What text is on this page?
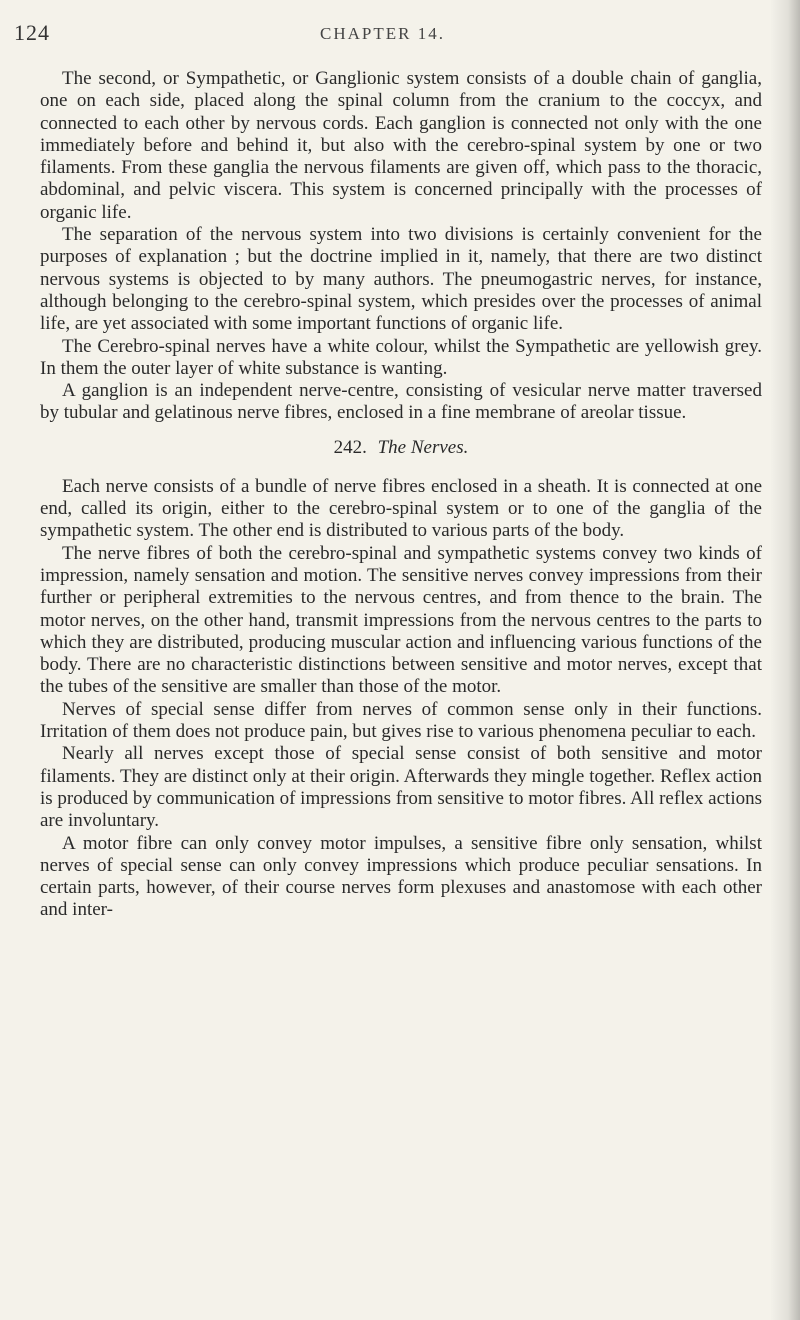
124	CHAPTER 14.

The second, or Sympathetic, or Ganglionic system consists of a double chain of ganglia, one on each side, placed along the spinal column from the cranium to the coccyx, and connected to each other by nervous cords. Each ganglion is connected not only with the one immediately before and behind it, but also with the cerebro-spinal system by one or two filaments. From these ganglia the nervous filaments are given off, which pass to the thoracic, abdominal, and pelvic viscera. This system is concerned principally with the processes of organic life.

The separation of the nervous system into two divisions is certainly convenient for the purposes of explanation ; but the doctrine implied in it, namely, that there are two distinct nervous systems is objected to by many authors. The pneumogastric nerves, for instance, although belonging to the cerebro-spinal system, which presides over the processes of animal life, are yet associated with some important functions of organic life.

The Cerebro-spinal nerves have a white colour, whilst the Sympathetic are yellowish grey. In them the outer layer of white substance is wanting.

A ganglion is an independent nerve-centre, consisting of vesicular nerve matter traversed by tubular and gelatinous nerve fibres, enclosed in a fine membrane of areolar tissue.

242. The Nerves.

Each nerve consists of a bundle of nerve fibres enclosed in a sheath. It is connected at one end, called its origin, either to the cerebro-spinal system or to one of the ganglia of the sympathetic system. The other end is distributed to various parts of the body.

The nerve fibres of both the cerebro-spinal and sympathetic systems convey two kinds of impression, namely sensation and motion. The sensitive nerves convey impressions from their further or peripheral extremities to the nervous centres, and from thence to the brain. The motor nerves, on the other hand, transmit impressions from the nervous centres to the parts to which they are distributed, producing muscular action and influencing various functions of the body. There are no characteristic distinctions between sensitive and motor nerves, except that the tubes of the sensitive are smaller than those of the motor.

Nerves of special sense differ from nerves of common sense only in their functions. Irritation of them does not produce pain, but gives rise to various phenomena peculiar to each.

Nearly all nerves except those of special sense consist of both sensitive and motor filaments. They are distinct only at their origin. Afterwards they mingle together. Reflex action is produced by communication of impressions from sensitive to motor fibres. All reflex actions are involuntary.

A motor fibre can only convey motor impulses, a sensitive fibre only sensation, whilst nerves of special sense can only convey impressions which produce peculiar sensations. In certain parts, however, of their course nerves form plexuses and anastomose with each other and inter-
